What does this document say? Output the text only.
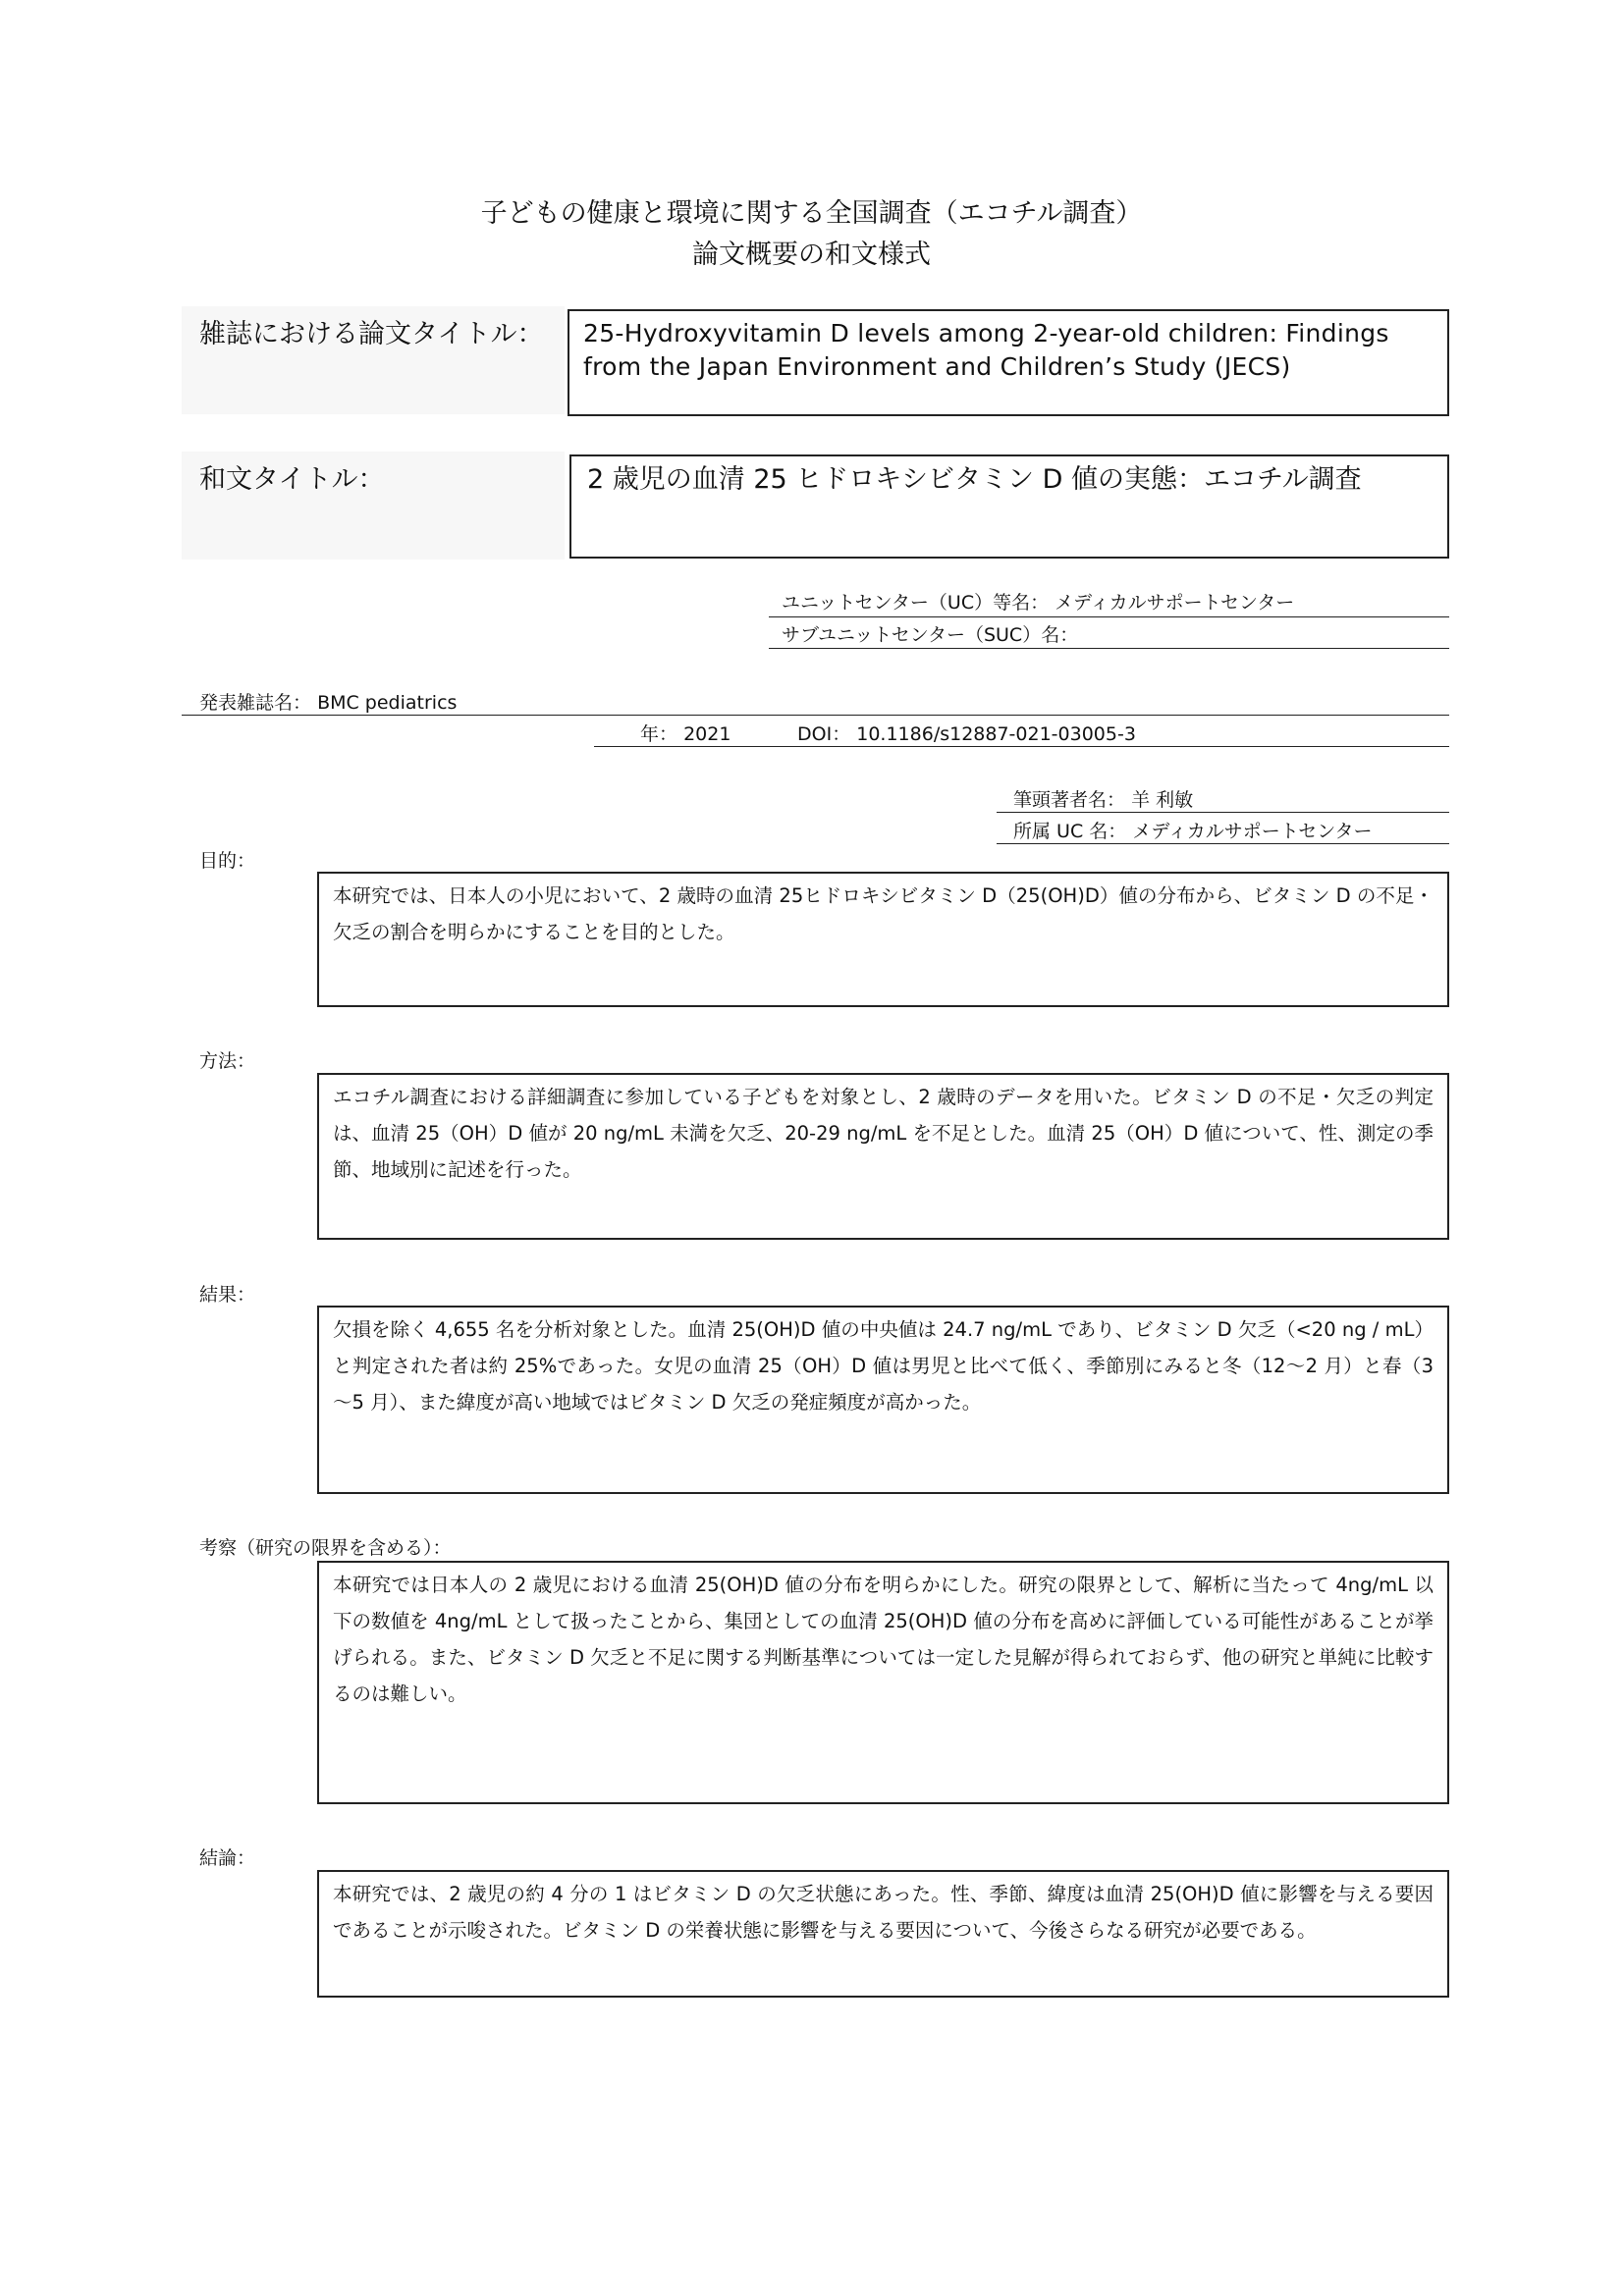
子どもの健康と環境に関する全国調査（エコチル調査）
論文概要の和文様式
雑誌における論文タイトル：	25-Hydroxyvitamin D levels among 2-year-old children: Findings from the Japan Environment and Children’s Study (JECS)
和文タイトル：	2 歳児の血清 25 ヒドロキシビタミン D 値の実態：エコチル調査
ユニットセンター（UC）等名： メディカルサポートセンター
サブユニットセンター（SUC）名：
発表雑誌名： BMC pediatrics
年： 2021	DOI： 10.1186/s12887-021-03005-3
筆頭著者名： 羊 利敏
所属 UC 名： メディカルサポートセンター
目的：
本研究では、日本人の小児において、2 歳時の血清 25ヒドロキシビタミン D（25(OH)D）値の分布から、ビタミン D の不足・欠乏の割合を明らかにすることを目的とした。
方法：
エコチル調査における詳細調査に参加している子どもを対象とし、2 歳時のデータを用いた。ビタミン D の不足・欠乏の判定は、血清 25（OH）D 値が 20 ng/mL 未満を欠乏、20-29 ng/mL を不足とした。血清 25（OH）D 値について、性、測定の季節、地域別に記述を行った。
結果：
欠損を除く 4,655 名を分析対象とした。血清 25(OH)D 値の中央値は 24.7 ng/mL であり、ビタミン D 欠乏（<20 ng / mL）と判定された者は約 25%であった。女児の血清 25（OH）D 値は男児と比べて低く、季節別にみると冬（12～2 月）と春（3～5 月）、また緯度が高い地域ではビタミン D 欠乏の発症頻度が高かった。
考察（研究の限界を含める）：
本研究では日本人の 2 歳児における血清 25(OH)D 値の分布を明らかにした。研究の限界として、解析に当たって 4ng/mL 以下の数値を 4ng/mL として扱ったことから、集団としての血清 25(OH)D 値の分布を高めに評価している可能性があることが挙げられる。また、ビタミン D 欠乏と不足に関する判断基準については一定した見解が得られておらず、他の研究と単純に比較するのは難しい。
結論：
本研究では、2 歳児の約 4 分の 1 はビタミン D の欠乏状態にあった。性、季節、緯度は血清 25(OH)D 値に影響を与える要因であることが示唆された。ビタミン D の栄養状態に影響を与える要因について、今後さらなる研究が必要である。
